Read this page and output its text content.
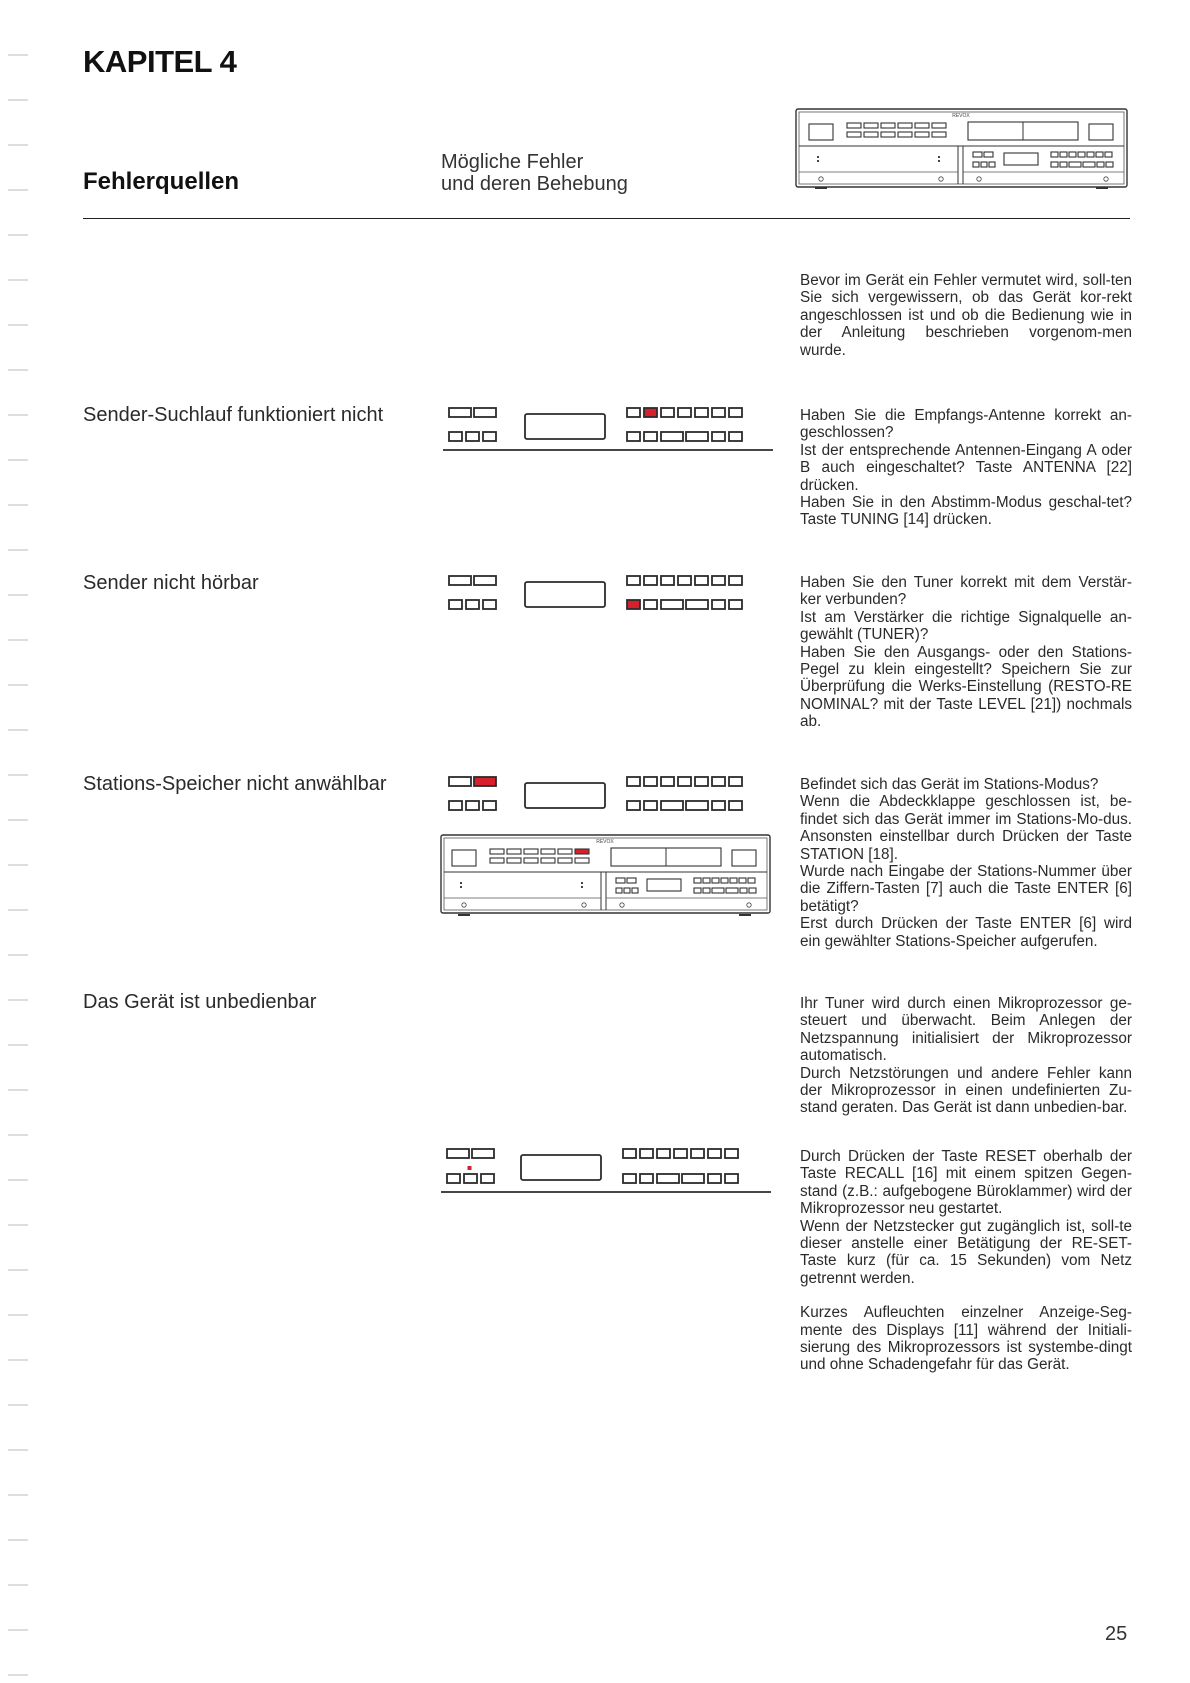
KAPITEL 4
Fehlerquellen
Mögliche Fehler
und deren Behebung
REVOX
Bevor im Gerät ein Fehler vermutet wird, soll-ten Sie sich vergewissern, ob das Gerät kor-rekt angeschlossen ist und ob die Bedienung wie in der Anleitung beschrieben vorgenom-men wurde.
Sender-Suchlauf funktioniert nicht	Haben Sie die Empfangs-Antenne korrekt an-geschlossen?

Ist der entsprechende Antennen-Eingang A oder B auch eingeschaltet? Taste ANTENNA [22] drücken.

Haben Sie in den Abstimm-Modus geschal-tet? Taste TUNING [14] drücken.

Sender nicht hörbar	Haben Sie den Tuner korrekt mit dem Verstär-ker verbunden?

Ist am Verstärker die richtige Signalquelle an-gewählt (TUNER)?

Haben Sie den Ausgangs- oder den Stations-Pegel zu klein eingestellt? Speichern Sie zur Überprüfung die Werks-Einstellung (RESTO-RE NOMINAL? mit der Taste LEVEL [21]) nochmals ab.

Stations-Speicher nicht anwählbar
REVOX

Befindet sich das Gerät im Stations-Modus?

Wenn die Abdeckklappe geschlossen ist, be-findet sich das Gerät immer im Stations-Mo-dus. Ansonsten einstellbar durch Drücken der Taste STATION [18].

Wurde nach Eingabe der Stations-Nummer über die Ziffern-Tasten [7] auch die Taste ENTER [6] betätigt?

Erst durch Drücken der Taste ENTER [6] wird ein gewählter Stations-Speicher aufgerufen.

Das Gerät ist unbedienbar	Ihr Tuner wird durch einen Mikroprozessor ge-steuert und überwacht. Beim Anlegen der Netzspannung initialisiert der Mikroprozessor automatisch.

Durch Netzstörungen und andere Fehler kann der Mikroprozessor in einen undefinierten Zu-stand geraten. Das Gerät ist dann unbedien-bar.

Durch Drücken der Taste RESET oberhalb der Taste RECALL [16] mit einem spitzen Gegen-stand (z.B.: aufgebogene Büroklammer) wird der Mikroprozessor neu gestartet.

Wenn der Netzstecker gut zugänglich ist, soll-te dieser anstelle einer Betätigung der RE-SET-Taste kurz (für ca. 15 Sekunden) vom Netz getrennt werden.

Kurzes Aufleuchten einzelner Anzeige-Seg-mente des Displays [11] während der Initiali-sierung des Mikroprozessors ist systembe-dingt und ohne Schadengefahr für das Gerät.

25
